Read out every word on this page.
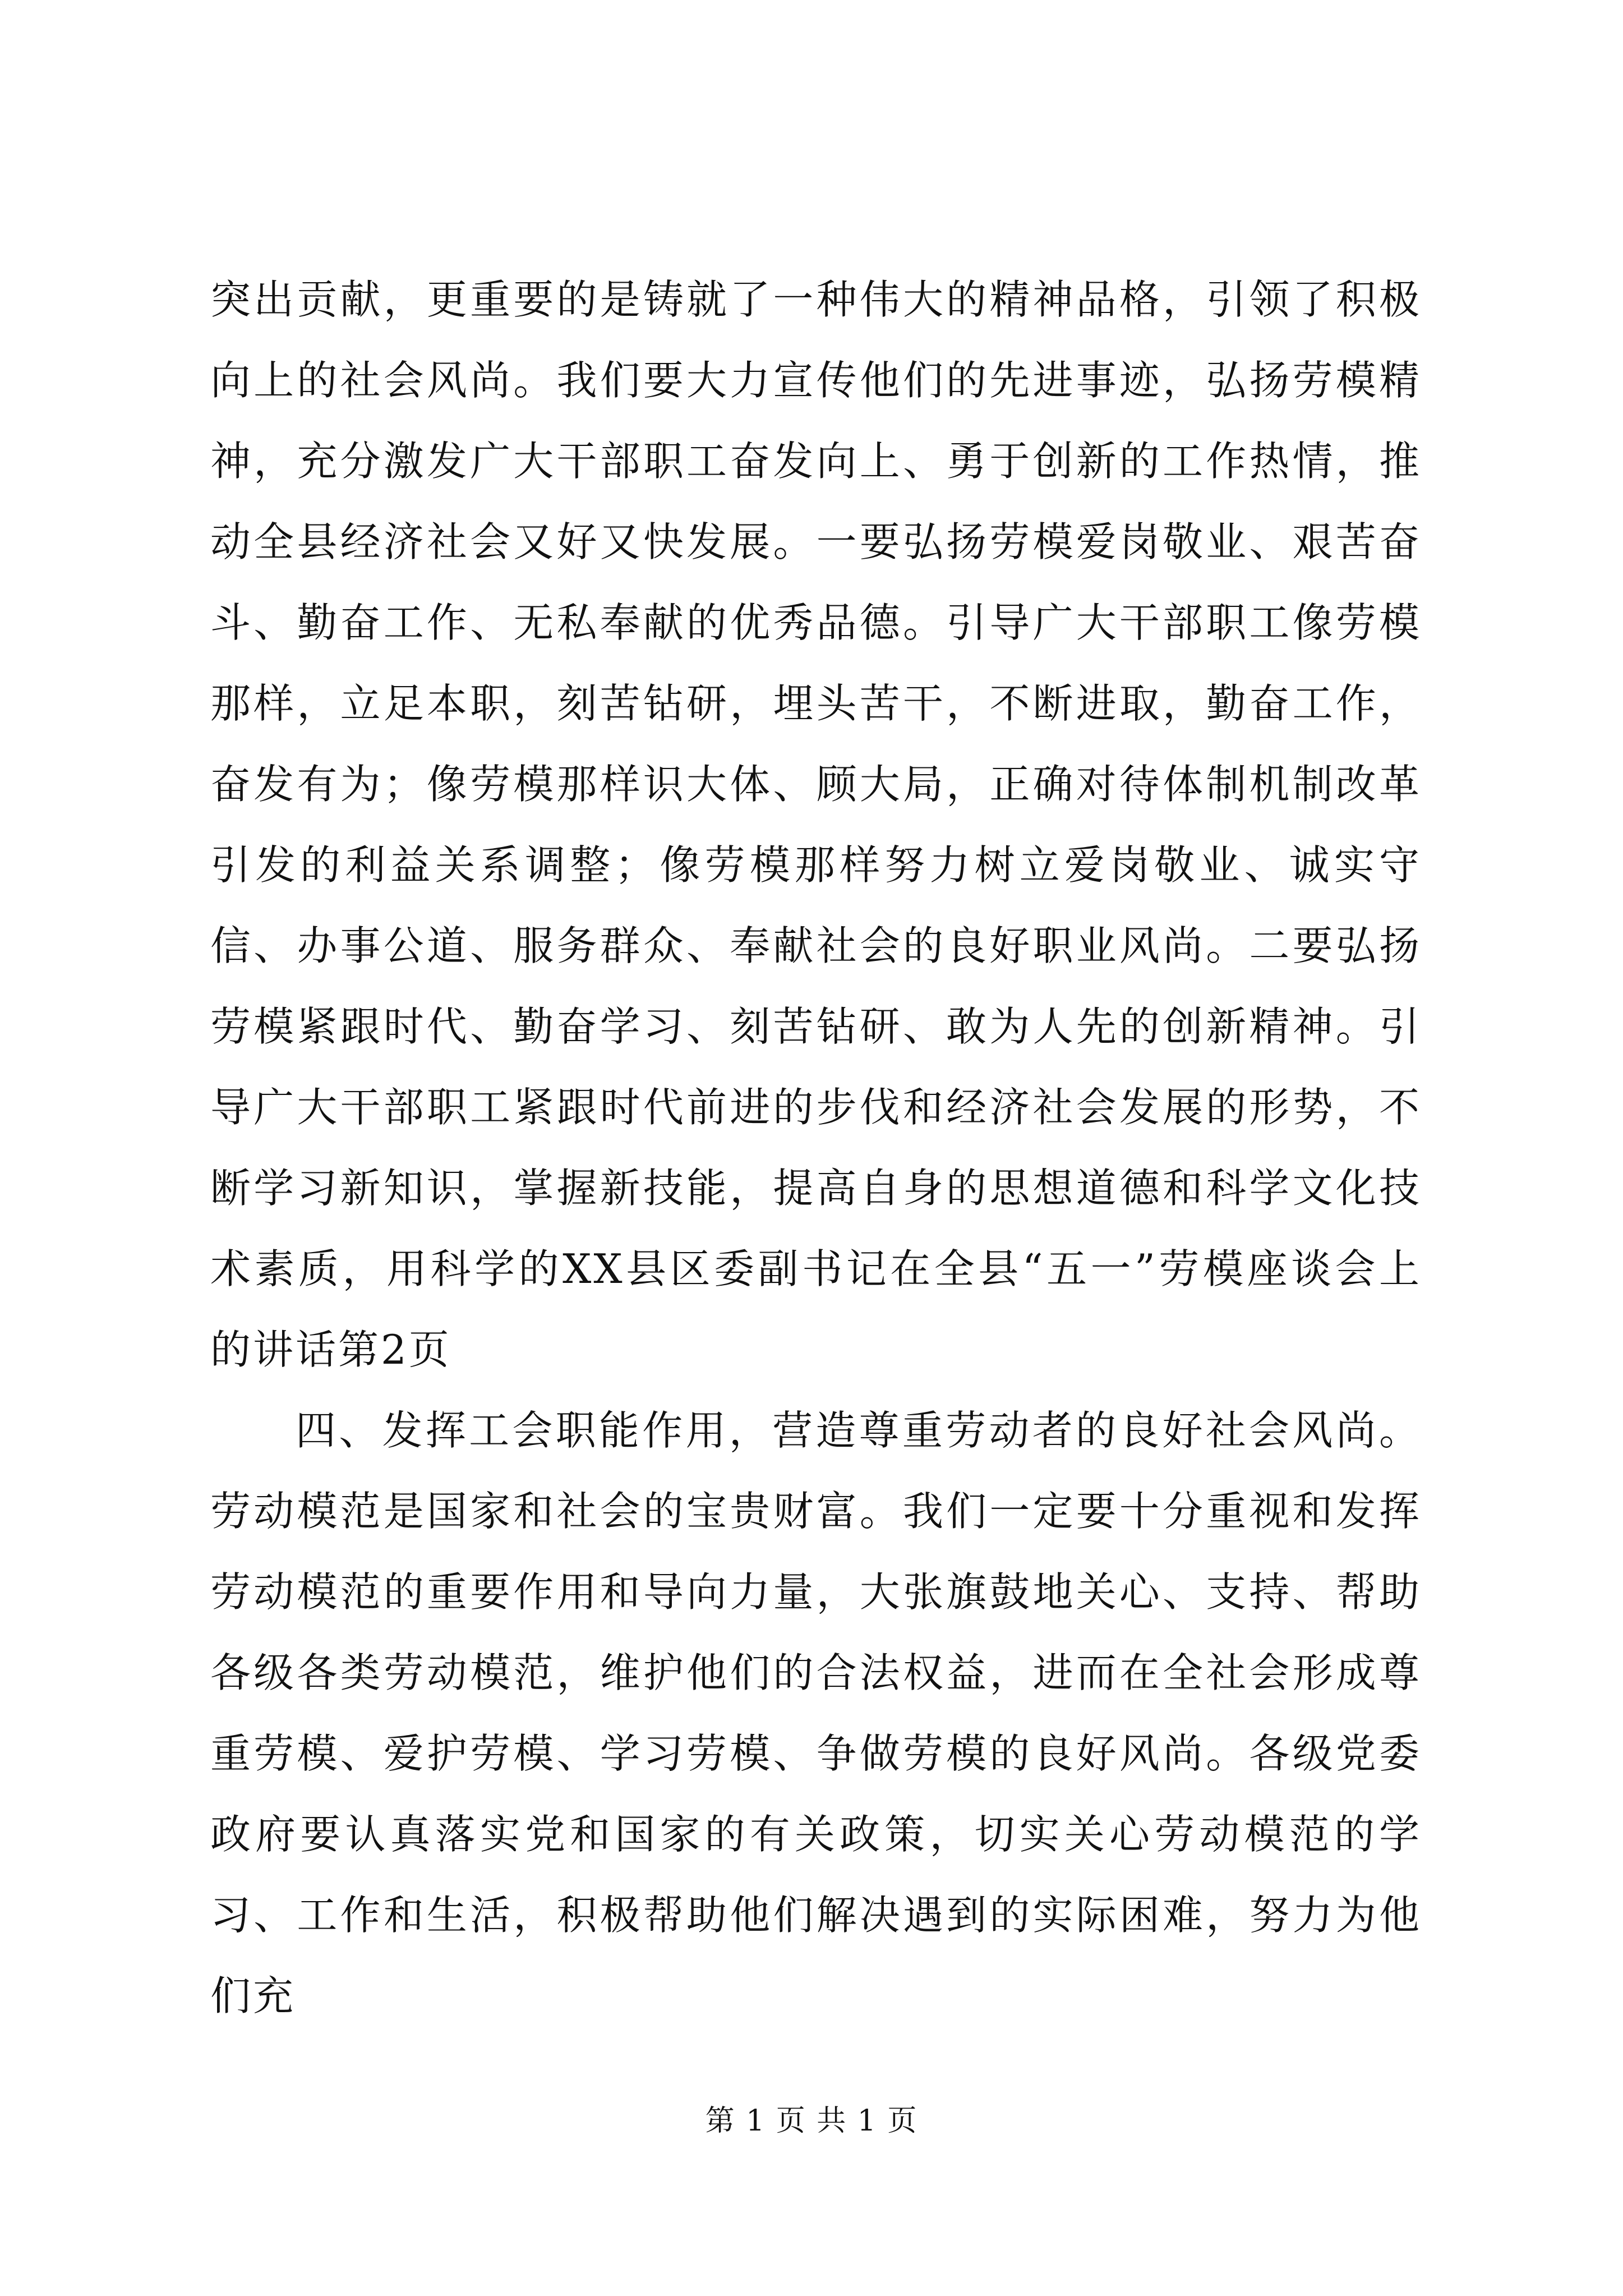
突出贡献，更重要的是铸就了一种伟大的精神品格，引领了积极向上的社会风尚。我们要大力宣传他们的先进事迹，弘扬劳模精神，充分激发广大干部职工奋发向上、勇于创新的工作热情，推动全县经济社会又好又快发展。一要弘扬劳模爱岗敬业、艰苦奋斗、勤奋工作、无私奉献的优秀品德。引导广大干部职工像劳模那样，立足本职，刻苦钻研，埋头苦干，不断进取，勤奋工作，奋发有为；像劳模那样识大体、顾大局，正确对待体制机制改革引发的利益关系调整；像劳模那样努力树立爱岗敬业、诚实守信、办事公道、服务群众、奉献社会的良好职业风尚。二要弘扬劳模紧跟时代、勤奋学习、刻苦钻研、敢为人先的创新精神。引导广大干部职工紧跟时代前进的步伐和经济社会发展的形势，不断学习新知识，掌握新技能，提高自身的思想道德和科学文化技术素质，用科学的XX县区委副书记在全县“五一”劳模座谈会上的讲话第2页

四、发挥工会职能作用，营造尊重劳动者的良好社会风尚。劳动模范是国家和社会的宝贵财富。我们一定要十分重视和发挥劳动模范的重要作用和导向力量，大张旗鼓地关心、支持、帮助各级各类劳动模范，维护他们的合法权益，进而在全社会形成尊重劳模、爱护劳模、学习劳模、争做劳模的良好风尚。各级党委政府要认真落实党和国家的有关政策，切实关心劳动模范的学习、工作和生活，积极帮助他们解决遇到的实际困难，努力为他们充

第 1 页 共 1 页
